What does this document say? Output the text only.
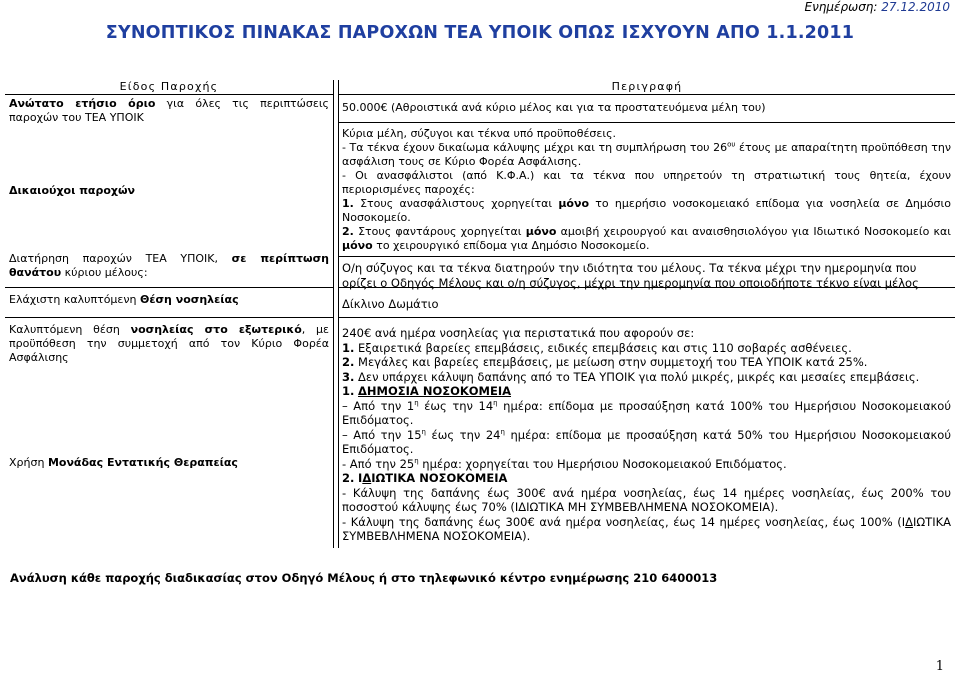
Ενημέρωση: 27.12.2010
ΣΥΝΟΠΤΙΚΟΣ ΠΙΝΑΚΑΣ ΠΑΡΟΧΩΝ ΤΕΑ ΥΠΟΙΚ ΟΠΩΣ ΙΣΧΥΟΥΝ ΑΠΟ 1.1.2011
Είδος Παροχής
Ανώτατο ετήσιο όριο για όλες τις περιπτώσεις παροχών του ΤΕΑ ΥΠΟΙΚ
Δικαιούχοι παροχών
Διατήρηση παροχών ΤΕΑ ΥΠΟΙΚ, σε περίπτωση θανάτου κύριου μέλους:
Ελάχιστη καλυπτόμενη Θέση νοσηλείας
Καλυπτόμενη θέση νοσηλείας στο εξωτερικό, με προϋπόθεση την συμμετοχή από τον Κύριο Φορέα Ασφάλισης
Χρήση Μονάδας Εντατικής Θεραπείας
Περιγραφή
50.000€ (Αθροιστικά ανά κύριο μέλος και για τα προστατευόμενα μέλη του)
Κύρια μέλη, σύζυγοι και τέκνα υπό προϋποθέσεις.
- Τα τέκνα έχουν δικαίωμα κάλυψης μέχρι και τη συμπλήρωση του $26^{o\upsilon}$ έτους με απαραίτητη προϋπόθεση την ασφάλιση τους σε Κύριο Φορέα Ασφάλισης.
- Οι ανασφάλιστοι (από Κ.Φ.Α.) και τα τέκνα που υπηρετούν τη στρατιωτική τους θητεία, έχουν περιορισμένες παροχές:
1. Στους ανασφάλιστους χορηγείται μόνο το ημερήσιο νοσοκομειακό επίδομα για νοσηλεία σε Δημόσιο Νοσοκομείο.
2. Στους φαντάρους χορηγείται μόνο αμοιβή χειρουργού και αναισθησιολόγου για Ιδιωτικό Νοσοκομείο και μόνο το χειρουργικό επίδομα για Δημόσιο Νοσοκομείο.
Ο/η σύζυγος και τα τέκνα διατηρούν την ιδιότητα του μέλους. Τα τέκνα μέχρι την ημερομηνία που ορίζει ο Οδηγός Μέλους και ο/η σύζυγος, μέχρι την ημερομηνία που οποιοδήποτε τέκνο είναι μέλος
Δίκλινο Δωμάτιο
240€ ανά ημέρα νοσηλείας για περιστατικά που αφορούν σε:
1. Εξαιρετικά βαρείες επεμβάσεις, ειδικές επεμβάσεις και στις 110 σοβαρές ασθένειες.
2. Μεγάλες και βαρείες επεμβάσεις, με μείωση στην συμμετοχή του ΤΕΑ ΥΠΟΙΚ κατά 25%.
3. Δεν υπάρχει κάλυψη δαπάνης από το ΤΕΑ ΥΠΟΙΚ για πολύ μικρές, μικρές και μεσαίες επεμβάσεις.
1. ΔΗΜΟΣΙΑ ΝΟΣΟΚΟΜΕΙΑ
– Από την $1^\eta$ έως την $14^\eta$ ημέρα: επίδομα με προσαύξηση κατά 100% του Ημερήσιου Νοσοκομειακού Επιδόματος.
– Από την $15^\eta$ έως την $24^\eta$ ημέρα: επίδομα με προσαύξηση κατά 50% του Ημερήσιου Νοσοκομειακού Επιδόματος.
- Από την $25^\eta$ ημέρα: χορηγείται του Ημερήσιου Νοσοκομειακού Επιδόματος.
2. ΙΔΙΩΤΙΚΑ ΝΟΣΟΚΟΜΕΙΑ
- Κάλυψη της δαπάνης έως 300€ ανά ημέρα νοσηλείας, έως 14 ημέρες νοσηλείας, έως 200% του ποσοστού κάλυψης έως 70% (ΙΔΙΩΤΙΚΑ ΜΗ ΣΥΜΒΕΒΛΗΜΕΝΑ ΝΟΣΟΚΟΜΕΙΑ).
- Κάλυψη της δαπάνης έως 300€ ανά ημέρα νοσηλείας, έως 14 ημέρες νοσηλείας, έως 100% (ΙΔΙΩΤΙΚΑ ΣΥΜΒΕΒΛΗΜΕΝΑ ΝΟΣΟΚΟΜΕΙΑ).
Ανάλυση κάθε παροχής διαδικασίας στον Οδηγό Μέλους ή στο τηλεφωνικό κέντρο ενημέρωσης 210 6400013
1
